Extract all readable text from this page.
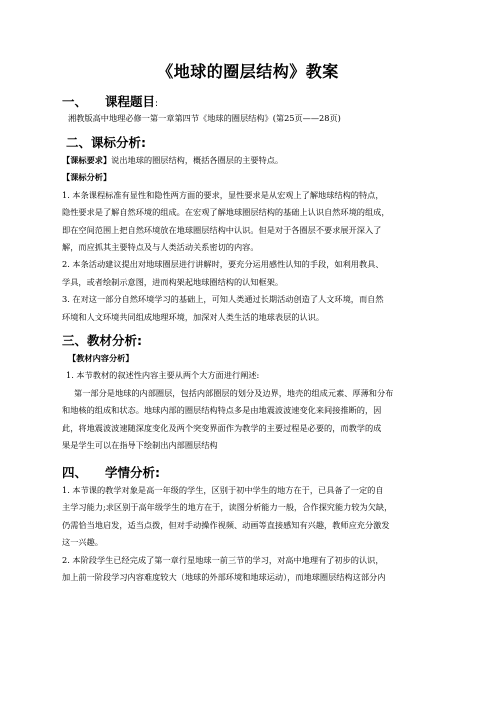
《地球的圈层结构》教案
一、 课程题目:
湘教版高中地理必修一第一章第四节《地球的圈层结构》(第25页——28页)
二、课标分析:
【课标要求】说出地球的圈层结构，概括各圈层的主要特点。
【课标分析】
1. 本条课程标准有显性和隐性两方面的要求，显性要求是从宏观上了解地球结构的特点，
隐性要求是了解自然环境的组成。在宏观了解地球圈层结构的基础上认识自然环境的组成，
即在空间范围上把自然环境放在地球圈层结构中认识。但是对于各圈层不要求展开深入了
解，而应抓其主要特点及与人类活动关系密切的内容。
2. 本条活动建议提出对地球圈层进行讲解时，要充分运用感性认知的手段，如利用教具、
学具，或者绘制示意图，进而构架起地球圈结构的认知框架。
3. 在对这一部分自然环境学习的基础上，可知人类通过长期活动创造了人文环境，而自然
环境和人文环境共同组成地理环境，加深对人类生活的地球表层的认识。
三、教材分析:
【教材内容分析】
1. 本节教材的叙述性内容主要从两个大方面进行阐述:
第一部分是地球的内部圈层，包括内部圈层的划分及边界，地壳的组成元素、厚薄和分布
和地核的组成和状态。地球内部的圈层结构特点多是由地震波波速变化来间接推断的，因
此，将地震波波速随深度变化及两个突变界面作为教学的主要过程是必要的，而教学的成
果是学生可以在指导下绘制出内部圈层结构
四、 学情分析:
1. 本节课的教学对象是高一年级的学生，区别于初中学生的地方在于，已具备了一定的自
主学习能力;求区别于高年级学生的地方在于，读图分析能力一般，合作探究能力较为欠缺，
仍需恰当地启发，适当点拨，但对手动操作视频、动画等直接感知有兴趣，教师应充分激发
这一兴趣。
2. 本阶段学生已经完成了第一章行星地球一前三节的学习，对高中地理有了初步的认识，
加上前一阶段学习内容难度较大（地球的外部环境和地球运动），而地球圈层结构这部分内
